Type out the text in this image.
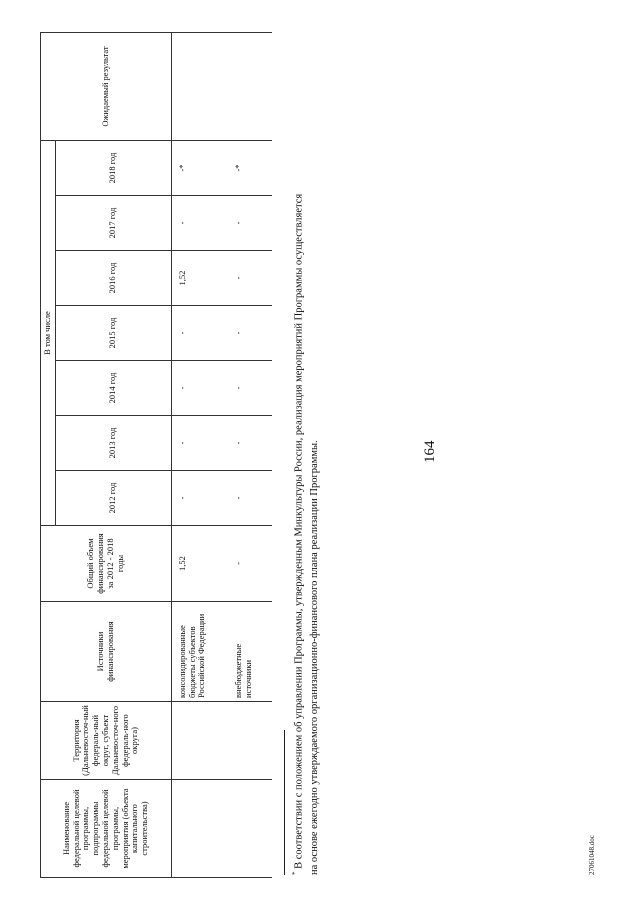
164
Наименование федеральной целевой программы, подпрограммы федеральной целевой программы, мероприятия (объекта капитального строительства)	Территория (Дальневосточ-ный федераль-ный округ, субъект Дальневосточ-ного федераль-ного округа)	Источники финансирования	Общий объем финансирования за 2012 - 2018 годы	В том числе							Ожидаемый результат
				2012 год	2013 год	2014 год	2015 год	2016 год	2017 год	2018 год	
		консолидированные бюджеты субъектов Российской Федерации	1,52	-	-	-	-	1,52	-	-*	
		внебюджетные источники	-	-	-	-	-	-	-	-*	
* В соответствии с положением об управлении Программы, утвержденным Минкультуры России, реализация мероприятий Программы осуществляется на основе ежегодно утверждаемого организационно-финансового плана реализации Программы.	27061048.doc
